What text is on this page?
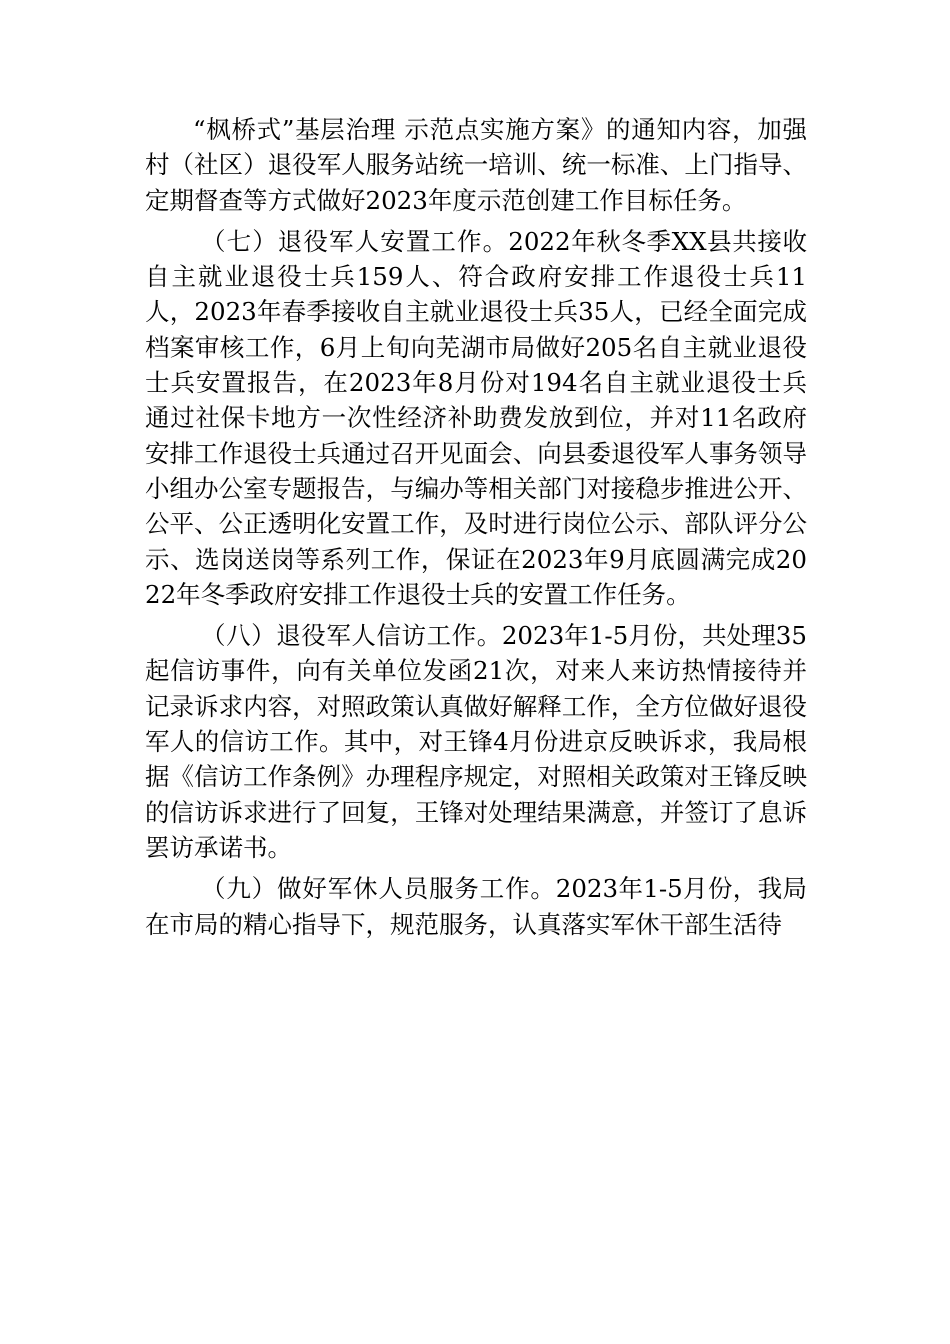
“枫桥式”基层治理 示范点实施方案》的通知内容，加强村（社区）退役军人服务站统一培训、统一标准、上门指导、定期督查等方式做好2023年度示范创建工作目标任务。

（七）退役军人安置工作。2022年秋冬季XX县共接收自主就业退役士兵159人、符合政府安排工作退役士兵11人，2023年春季接收自主就业退役士兵35人，已经全面完成档案审核工作，6月上旬向芜湖市局做好205名自主就业退役士兵安置报告，在2023年8月份对194名自主就业退役士兵通过社保卡地方一次性经济补助费发放到位，并对11名政府安排工作退役士兵通过召开见面会、向县委退役军人事务领导小组办公室专题报告，与编办等相关部门对接稳步推进公开、公平、公正透明化安置工作，及时进行岗位公示、部队评分公示、选岗送岗等系列工作，保证在2023年9月底圆满完成2022年冬季政府安排工作退役士兵的安置工作任务。

（八）退役军人信访工作。2023年1-5月份，共处理35起信访事件，向有关单位发函21次，对来人来访热情接待并记录诉求内容，对照政策认真做好解释工作，全方位做好退役军人的信访工作。其中，对王锋4月份进京反映诉求，我局根据《信访工作条例》办理程序规定，对照相关政策对王锋反映的信访诉求进行了回复，王锋对处理结果满意，并签订了息诉罢访承诺书。

（九）做好军休人员服务工作。2023年1-5月份，我局在市局的精心指导下，规范服务，认真落实军休干部生活待
